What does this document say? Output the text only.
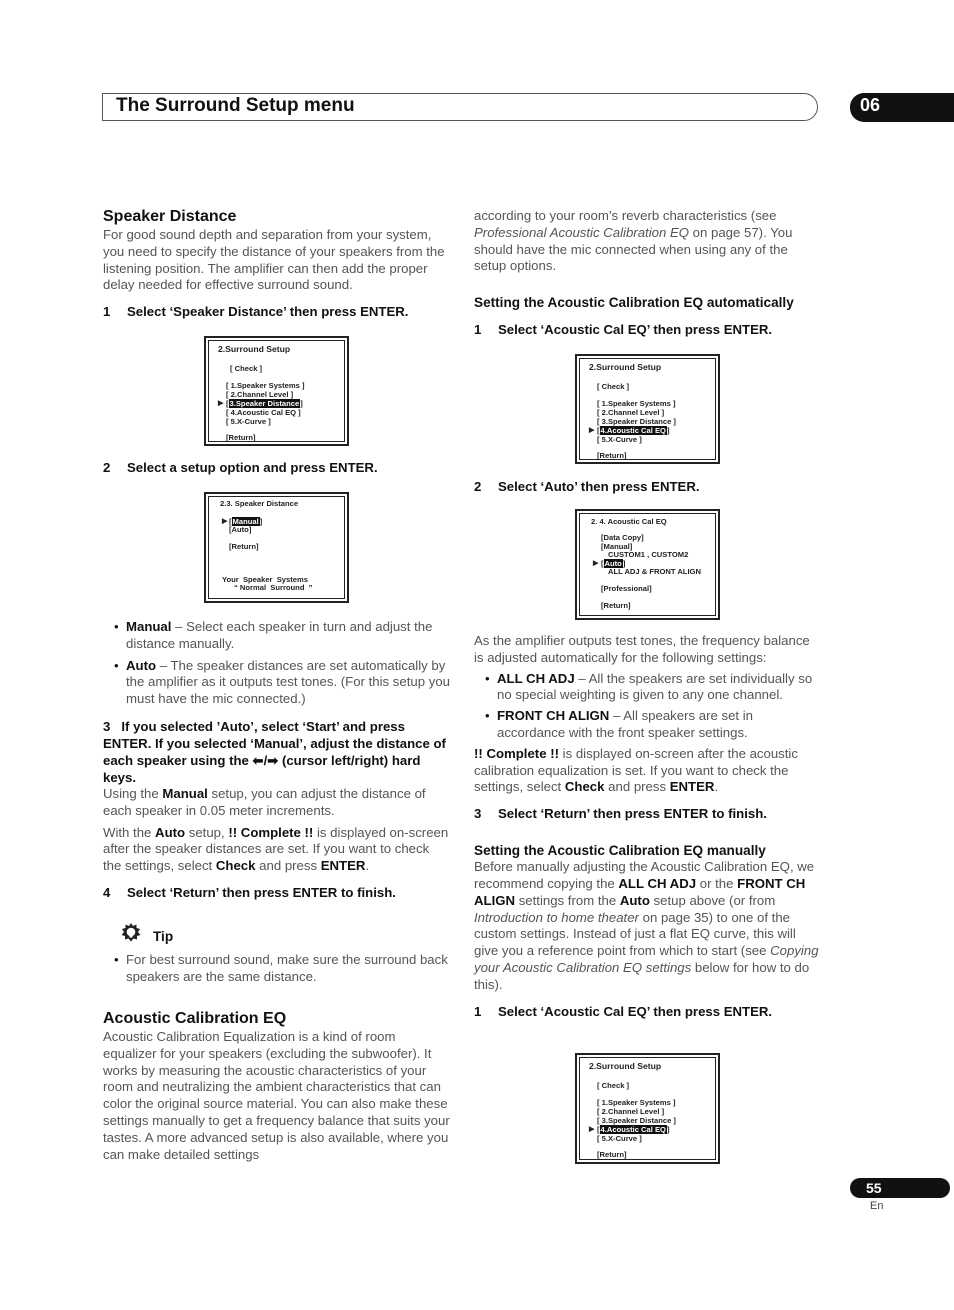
The Surround Setup menu	06
Speaker Distance

For good sound depth and separation from your system, you need to specify the distance of your speakers from the listening position. The amplifier can then add the proper delay needed for effective surround sound.

1 Select ‘Speaker Distance’ then press ENTER.
2.Surround Setup
[ Check ]
[ 1.Speaker Systems ]
[ 2.Channel Level ]
▶ [3.Speaker Distance]
[ 4.Acoustic Cal EQ ]
[ 5.X-Curve ]
[Return]
2 Select a setup option and press ENTER.
2.3. Speaker Distance
▶ [Manual]
[Auto]
[Return]
Your  Speaker  Systems
“ Normal  Surround  ”

• Manual – Select each speaker in turn and adjust the distance manually.

• Auto – The speaker distances are set automatically by the amplifier as it outputs test tones. (For this setup you must have the mic connected.)

3 If you selected ’Auto’, select ‘Start’ and press ENTER. If you selected ‘Manual’, adjust the distance of each speaker using the ⬅/➡ (cursor left/right) hard keys.

Using the Manual setup, you can adjust the distance of each speaker in 0.05 meter increments.

With the Auto setup, !! Complete !! is displayed on-screen after the speaker distances are set. If you want to check the settings, select Check and press ENTER.

4 Select ‘Return’ then press ENTER to finish.
Tip

• For best surround sound, make sure the surround back speakers are the same distance.

Acoustic Calibration EQ

Acoustic Calibration Equalization is a kind of room equalizer for your speakers (excluding the subwoofer). It works by measuring the acoustic characteristics of your room and neutralizing the ambient characteristics that can color the original source material. You can also make these settings manually to get a frequency balance that suits your tastes. A more advanced setup is also available, where you can make detailed settings

according to your room’s reverb characteristics (see Professional Acoustic Calibration EQ on page 57). You should have the mic connected when using any of the setup options.

Setting the Acoustic Calibration EQ automatically
1 Select ‘Acoustic Cal EQ’ then press ENTER.
2.Surround Setup
[ Check ]
[ 1.Speaker Systems ]
[ 2.Channel Level ]
[ 3.Speaker Distance ]
▶ [4.Acoustic Cal EQ]
[ 5.X-Curve ]
[Return]
2 Select ‘Auto’ then press ENTER.
2. 4. Acoustic Cal EQ
[Data Copy]
[Manual]
CUSTOM1 , CUSTOM2
▶ [Auto]
ALL ADJ & FRONT ALIGN
[Professional]
[Return]

As the amplifier outputs test tones, the frequency balance is adjusted automatically for the following settings:

• ALL CH ADJ – All the speakers are set individually so no special weighting is given to any one channel.

• FRONT CH ALIGN – All speakers are set in accordance with the front speaker settings.

!! Complete !! is displayed on-screen after the acoustic calibration equalization is set. If you want to check the settings, select Check and press ENTER.

3 Select ‘Return’ then press ENTER to finish.
Setting the Acoustic Calibration EQ manually

Before manually adjusting the Acoustic Calibration EQ, we recommend copying the ALL CH ADJ or the FRONT CH ALIGN settings from the Auto setup above (or from Introduction to home theater on page 35) to one of the custom settings. Instead of just a flat EQ curve, this will give you a reference point from which to start (see Copying your Acoustic Calibration EQ settings below for how to do this).

1 Select ‘Acoustic Cal EQ’ then press ENTER.
2.Surround Setup
[ Check ]
[ 1.Speaker Systems ]
[ 2.Channel Level ]
[ 3.Speaker Distance ]
▶ [4.Acoustic Cal EQ]
[ 5.X-Curve ]
[Return]
55
En
